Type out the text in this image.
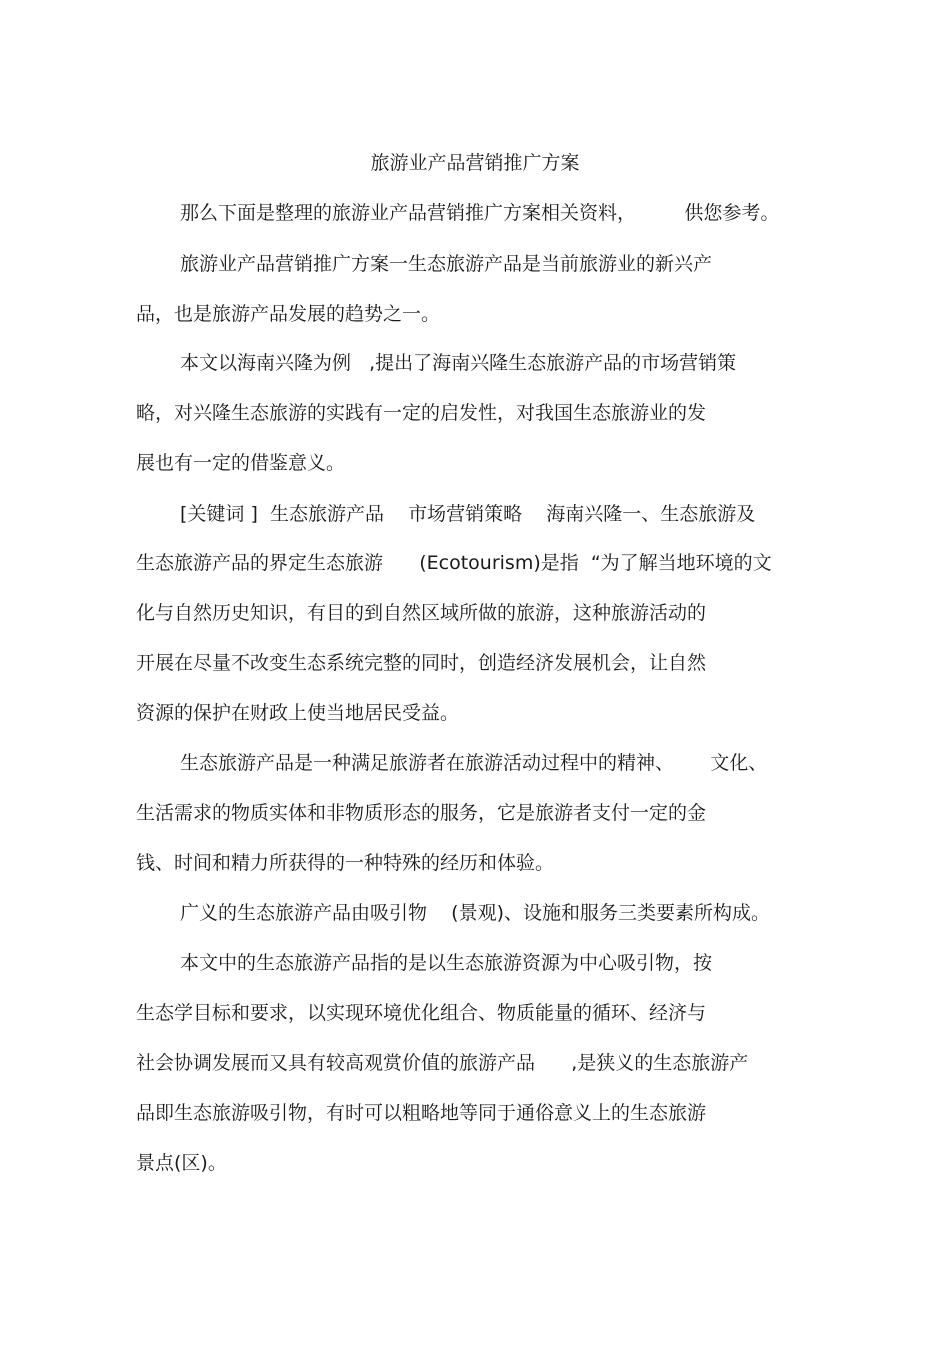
旅游业产品营销推广方案
那么下面是整理的旅游业产品营销推广方案相关资料，        供您参考。
旅游业产品营销推广方案一生态旅游产品是当前旅游业的新兴产
品，也是旅游产品发展的趋势之一。
本文以海南兴隆为例   ,提出了海南兴隆生态旅游产品的市场营销策
略，对兴隆生态旅游的实践有一定的启发性，对我国生态旅游业的发
展也有一定的借鉴意义。
[关键词 ]  生态旅游产品    市场营销策略    海南兴隆一、生态旅游及
生态旅游产品的界定生态旅游      (Ecotourism)是指  “为了解当地环境的文
化与自然历史知识，有目的到自然区域所做的旅游，这种旅游活动的
开展在尽量不改变生态系统完整的同时，创造经济发展机会，让自然
资源的保护在财政上使当地居民受益。
生态旅游产品是一种满足旅游者在旅游活动过程中的精神、      文化、
生活需求的物质实体和非物质形态的服务，它是旅游者支付一定的金
钱、时间和精力所获得的一种特殊的经历和体验。
广义的生态旅游产品由吸引物    (景观)、设施和服务三类要素所构成。
本文中的生态旅游产品指的是以生态旅游资源为中心吸引物，按
生态学目标和要求，以实现环境优化组合、物质能量的循环、经济与
社会协调发展而又具有较高观赏价值的旅游产品      ,是狭义的生态旅游产
品即生态旅游吸引物，有时可以粗略地等同于通俗意义上的生态旅游
景点(区)。
